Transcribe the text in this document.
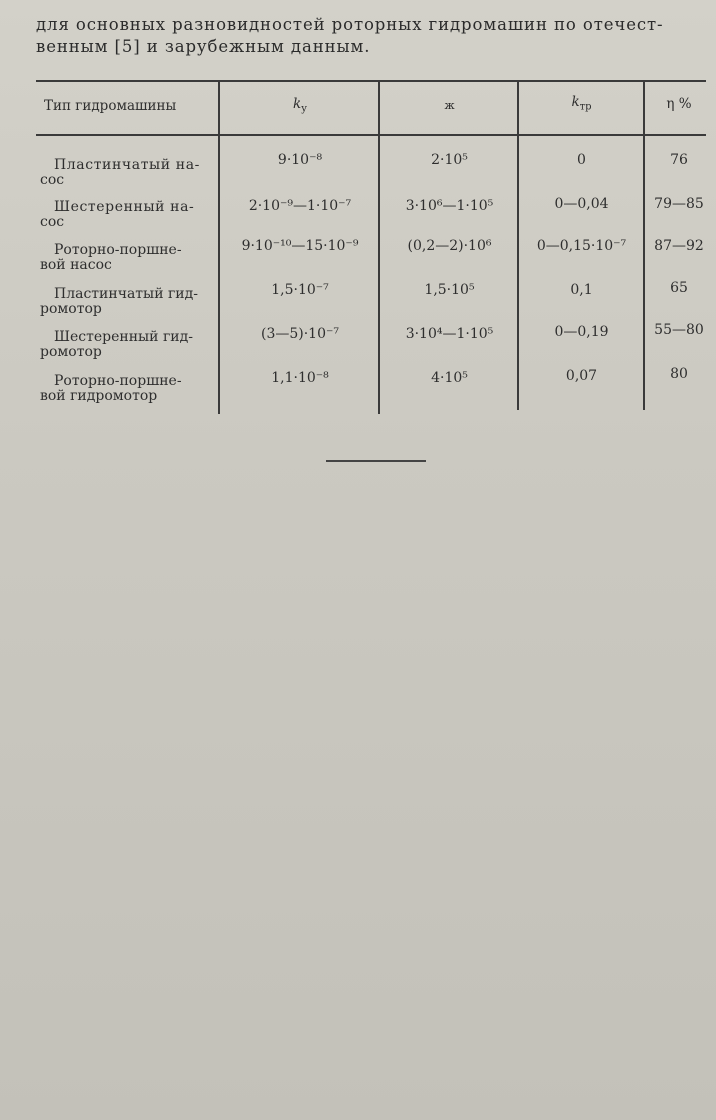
для основных разновидностей роторных гидромашин по отечест-
венным [5] и зарубежным данным.
Тип гидромашины	$k_у$	ж	$k_{тр}$	η %
Пластинчатый на-
сос
9·10⁻⁸	2·10⁵	0	76
Шестеренный на-
сос
2·10⁻⁹—1·10⁻⁷	3·10⁶—1·10⁵	0—0,04	79—85
Роторно-поршне-
вой насос
9·10⁻¹⁰—15·10⁻⁹	(0,2—2)·10⁶	0—0,15·10⁻⁷	87—92
Пластинчатый гид-
ромотор
1,5·10⁻⁷	1,5·10⁵	0,1	65
Шестеренный гид-
ромотор
(3—5)·10⁻⁷	3·10⁴—1·10⁵	0—0,19	55—80
Роторно-поршне-
вой гидромотор
1,1·10⁻⁸	4·10⁵	0,07	80
